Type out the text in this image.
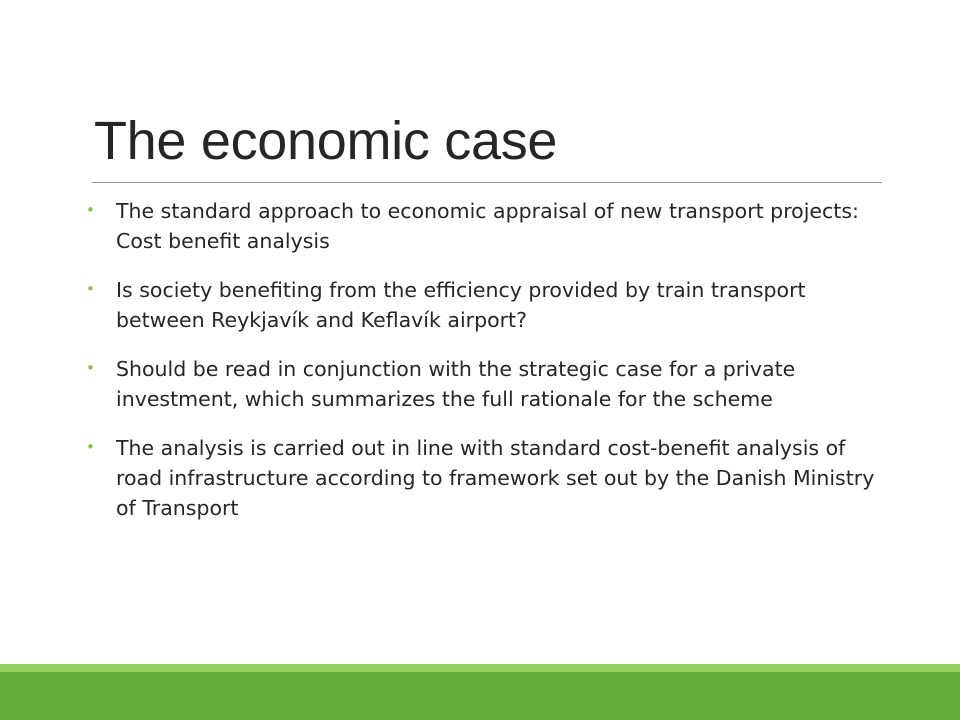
The economic case
• The standard approach to economic appraisal of new transport projects: Cost benefit analysis
• Is society benefiting from the efficiency provided by train transport between Reykjavík and Keflavík airport?
• Should be read in conjunction with the strategic case for a private investment, which summarizes the full rationale for the scheme
• The analysis is carried out in line with standard cost-benefit analysis of road infrastructure according to framework set out by the Danish Ministry of Transport
